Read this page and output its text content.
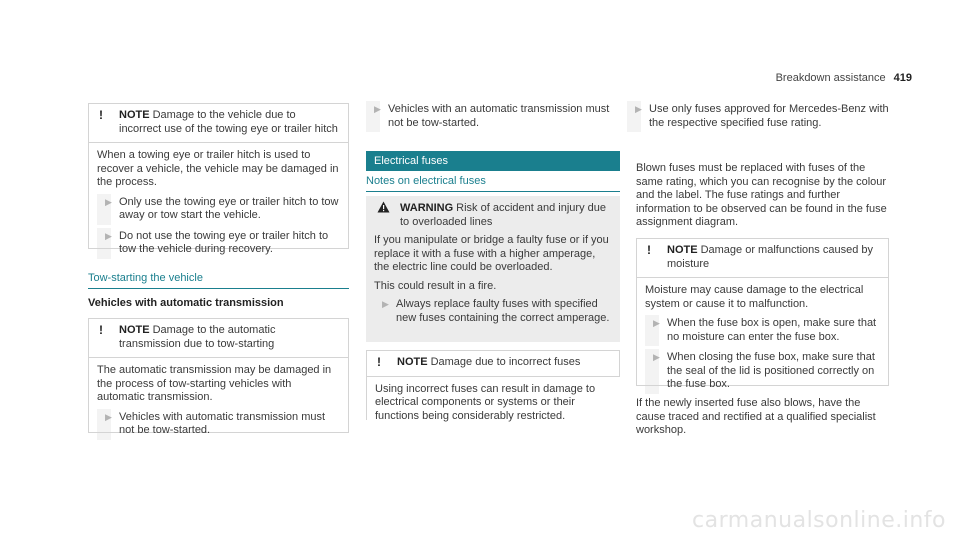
Breakdown assistance 419
! NOTE Damage to the vehicle due to incorrect use of the towing eye or trailer hitch

When a towing eye or trailer hitch is used to recover a vehicle, the vehicle may be damaged in the process.

▶ Only use the towing eye or trailer hitch to tow away or tow start the vehicle.
▶ Do not use the towing eye or trailer hitch to tow the vehicle during recovery.
Tow-starting the vehicle
Vehicles with automatic transmission
! NOTE Damage to the automatic transmission due to tow-starting

The automatic transmission may be damaged in the process of tow-starting vehicles with automatic transmission.

▶ Vehicles with automatic transmission must not be tow-started.
▶ Vehicles with an automatic transmission must not be tow-started.
Electrical fuses
Notes on electrical fuses
WARNING Risk of accident and injury due to overloaded lines

If you manipulate or bridge a faulty fuse or if you replace it with a fuse with a higher amperage, the electric line could be overloaded.

This could result in a fire.

▶ Always replace faulty fuses with specified new fuses containing the correct amperage.
! NOTE Damage due to incorrect fuses

Using incorrect fuses can result in damage to electrical components or systems or their functions being considerably restricted.

▶ Use only fuses approved for Mercedes-Benz with the respective specified fuse rating.

Blown fuses must be replaced with fuses of the same rating, which you can recognise by the colour and the label. The fuse ratings and further information to be observed can be found in the fuse assignment diagram.

! NOTE Damage or malfunctions caused by moisture

Moisture may cause damage to the electrical system or cause it to malfunction.

▶ When the fuse box is open, make sure that no moisture can enter the fuse box.
▶ When closing the fuse box, make sure that the seal of the lid is positioned correctly on the fuse box.

If the newly inserted fuse also blows, have the cause traced and rectified at a qualified specialist workshop.

carmanualsonline.info
